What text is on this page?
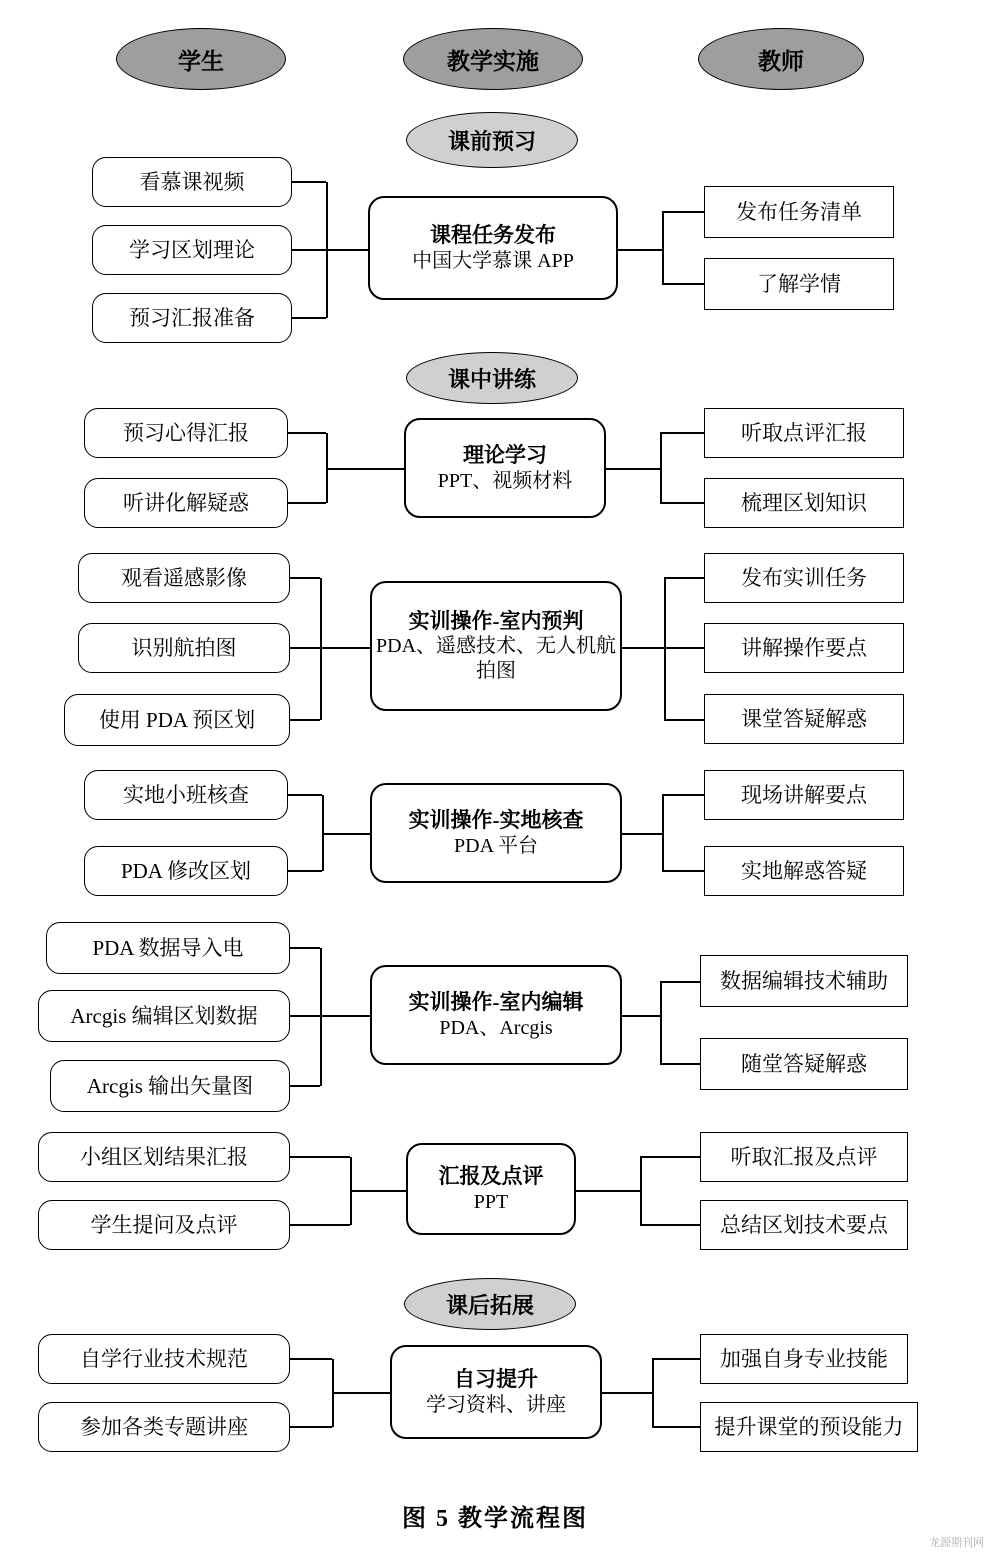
学生	教学实施	教师
课前预习
看慕课视频
学习区划理论
预习汇报准备
课程任务发布
中国大学慕课 APP
发布任务清单
了解学情
课中讲练
预习心得汇报
听讲化解疑惑
理论学习
PPT、视频材料
听取点评汇报
梳理区划知识
观看遥感影像
识别航拍图
使用 PDA 预区划
实训操作-室内预判
PDA、遥感技术、无人机航拍图
发布实训任务
讲解操作要点
课堂答疑解惑
实地小班核查
PDA 修改区划
实训操作-实地核查
PDA 平台
现场讲解要点
实地解惑答疑
PDA 数据导入电
Arcgis 编辑区划数据
Arcgis 输出矢量图
实训操作-室内编辑
PDA、Arcgis
数据编辑技术辅助
随堂答疑解惑
小组区划结果汇报
学生提问及点评
汇报及点评
PPT
听取汇报及点评
总结区划技术要点
课后拓展
自学行业技术规范
参加各类专题讲座
自习提升
学习资料、讲座
加强自身专业技能
提升课堂的预设能力
图 5 教学流程图
龙源期刊网
